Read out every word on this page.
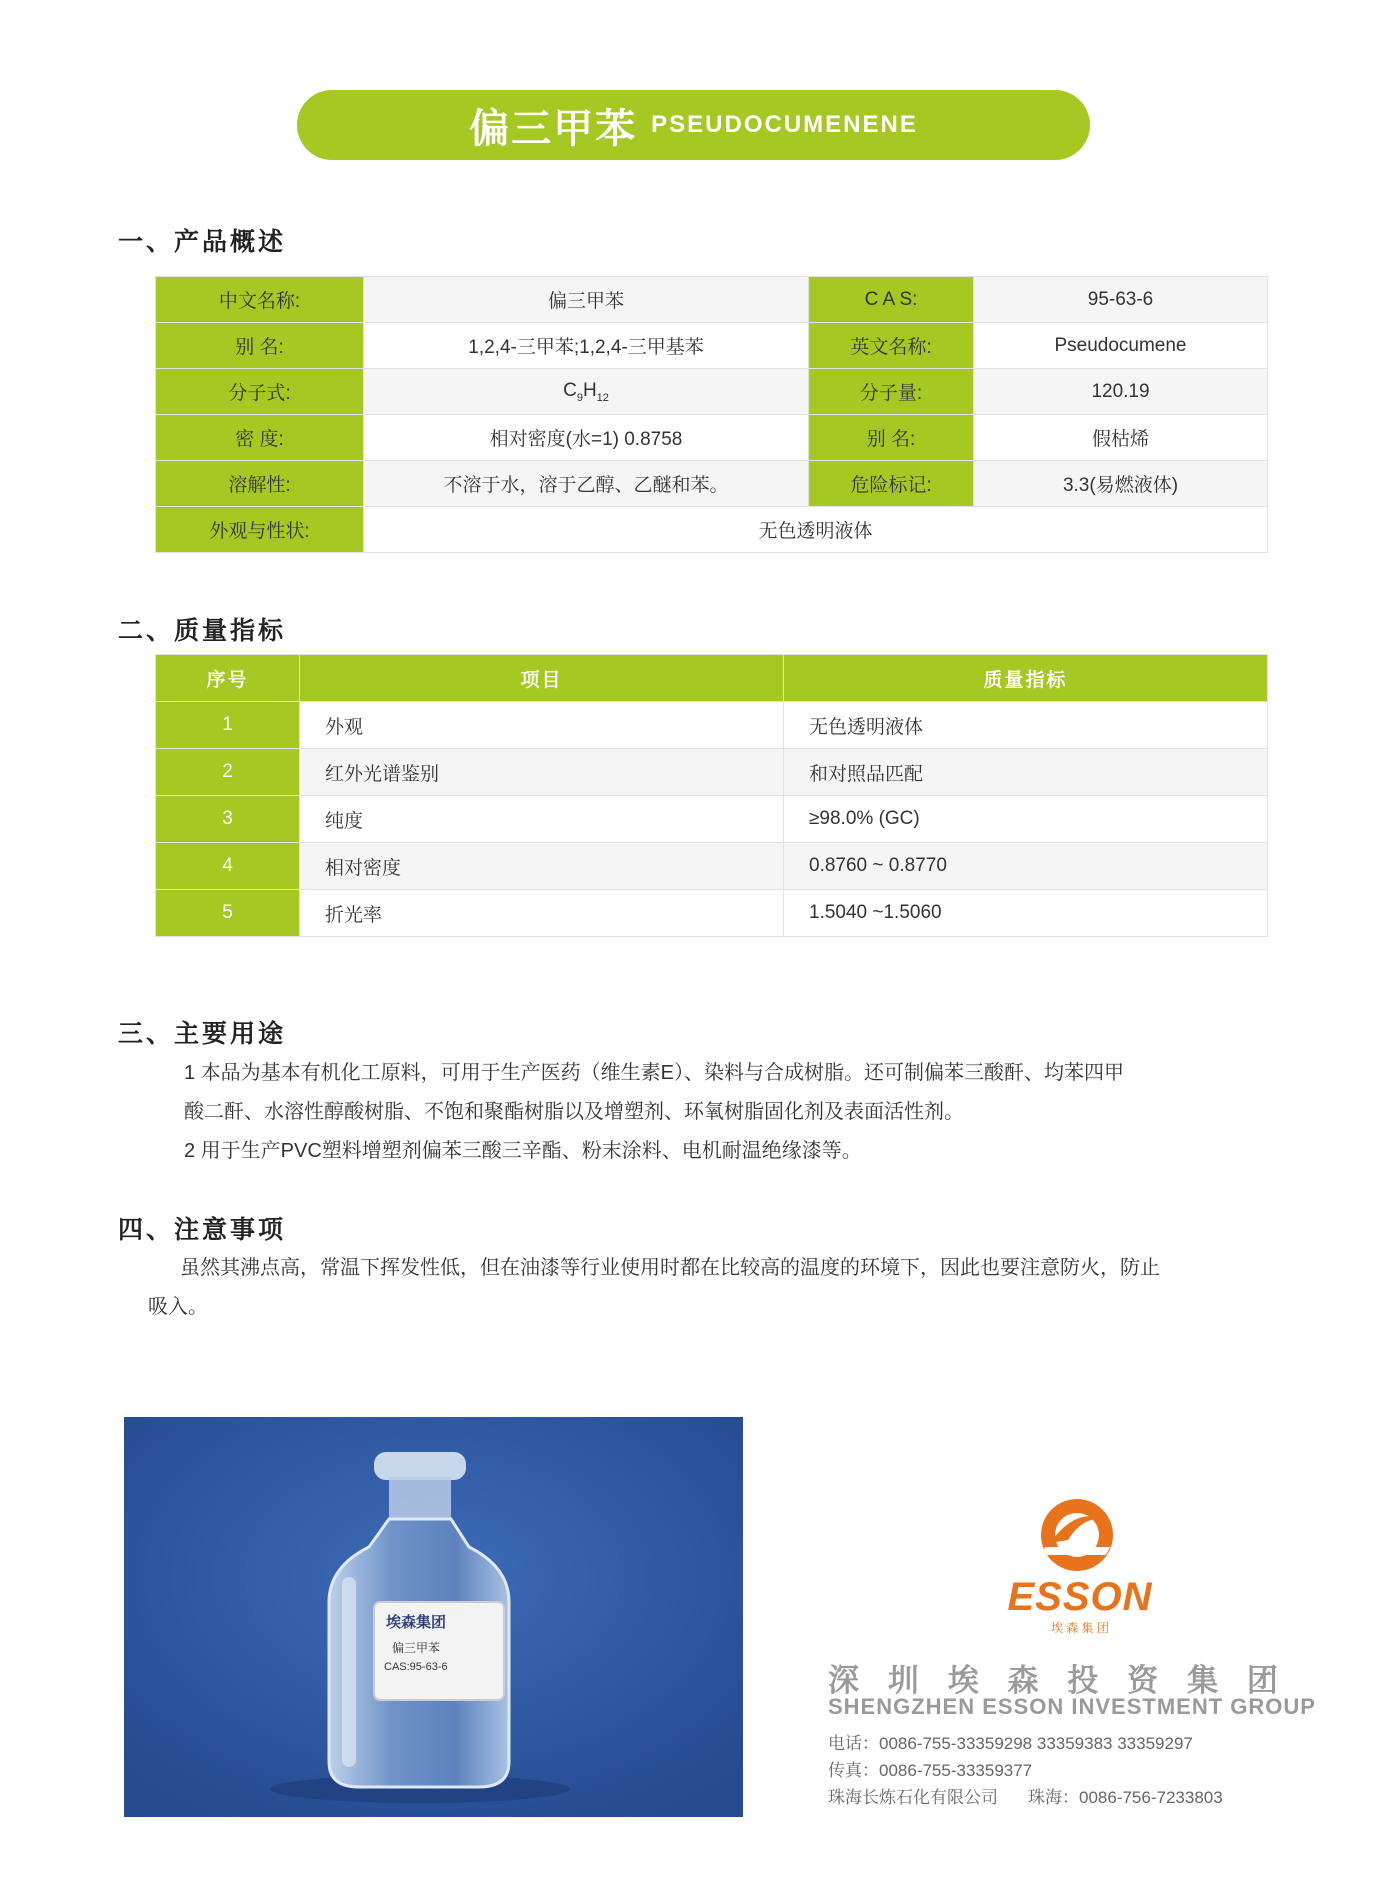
偏三甲苯 PSEUDOCUMENENE
一、产品概述
中文名称:	偏三甲苯	C A S:	95-63-6
别 名:	1,2,4-三甲苯;1,2,4-三甲基苯	英文名称:	Pseudocumene
分子式:	$C_9H_{12}$	分子量:	120.19
密 度:	相对密度(水=1) 0.8758	别 名:	假枯烯
溶解性:	不溶于水，溶于乙醇、乙醚和苯。	危险标记:	3.3(易燃液体)
外观与性状:	无色透明液体		
二、质量指标
序号	项目	质量指标
1	外观	无色透明液体
2	红外光谱鉴别	和对照品匹配
3	纯度	≥98.0% (GC)
4	相对密度	0.8760 ~ 0.8770
5	折光率	1.5040 ~1.5060
三、主要用途
1 本品为基本有机化工原料，可用于生产医药（维生素E）、染料与合成树脂。还可制偏苯三酸酐、均苯四甲
酸二酐、水溶性醇酸树脂、不饱和聚酯树脂以及增塑剂、环氧树脂固化剂及表面活性剂。
2 用于生产PVC塑料增塑剂偏苯三酸三辛酯、粉末涂料、电机耐温绝缘漆等。
四、注意事项
虽然其沸点高，常温下挥发性低，但在油漆等行业使用时都在比较高的温度的环境下，因此也要注意防火，防止
吸入。
埃森集团
偏三甲苯
CAS:95-63-6
ESSON
埃 森 集 团
深 圳 埃 森 投 资 集 团
SHENGZHEN ESSON INVESTMENT GROUP
电话：0086-755-33359298 33359383 33359297
传真：0086-755-33359377
珠海长炼石化有限公司 珠海：0086-756-7233803
